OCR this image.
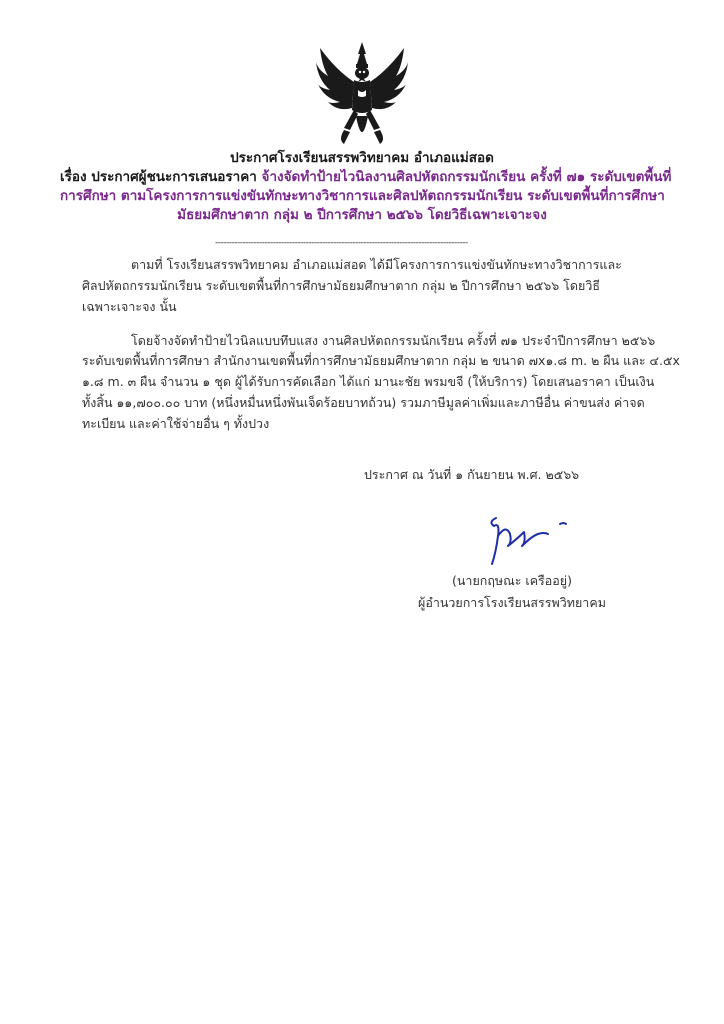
ประกาศโรงเรียนสรรพวิทยาคม อำเภอแม่สอด
เรื่อง ประกาศผู้ชนะการเสนอราคา จ้างจัดทำป้ายไวนิลงานศิลปหัตถกรรมนักเรียน ครั้งที่ ๗๑ ระดับเขตพื้นที่
การศึกษา ตามโครงการการแข่งขันทักษะทางวิชาการและศิลปหัตถกรรมนักเรียน ระดับเขตพื้นที่การศึกษา
มัธยมศึกษาตาก กลุ่ม ๒ ปีการศึกษา ๒๕๖๖ โดยวิธีเฉพาะเจาะจง
--------------------------------------------------------------------------------------------
ตามที่ โรงเรียนสรรพวิทยาคม อำเภอแม่สอด ได้มีโครงการการแข่งขันทักษะทางวิชาการและ
ศิลปหัตถกรรมนักเรียน ระดับเขตพื้นที่การศึกษามัธยมศึกษาตาก กลุ่ม ๒ ปีการศึกษา ๒๕๖๖ โดยวิธี
เฉพาะเจาะจง นั้น
โดยจ้างจัดทำป้ายไวนิลแบบทึบแสง งานศิลปหัตถกรรมนักเรียน ครั้งที่ ๗๑ ประจำปีการศึกษา ๒๕๖๖
ระดับเขตพื้นที่การศึกษา สำนักงานเขตพื้นที่การศึกษามัธยมศึกษาตาก กลุ่ม ๒ ขนาด ๗x๑.๘ m. ๒ ผืน และ ๔.๕x
๑.๘ m. ๓ ผืน จำนวน ๑ ชุด ผู้ได้รับการคัดเลือก ได้แก่ มานะชัย พรมขจี (ให้บริการ) โดยเสนอราคา เป็นเงิน
ทั้งสิ้น ๑๑,๗๐๐.๐๐ บาท (หนึ่งหมื่นหนึ่งพันเจ็ดร้อยบาทถ้วน) รวมภาษีมูลค่าเพิ่มและภาษีอื่น ค่าขนส่ง ค่าจด
ทะเบียน และค่าใช้จ่ายอื่น ๆ ทั้งปวง
ประกาศ ณ วันที่ ๑ กันยายน พ.ศ. ๒๕๖๖
(นายกฤษณะ เครืออยู่)
ผู้อำนวยการโรงเรียนสรรพวิทยาคม
